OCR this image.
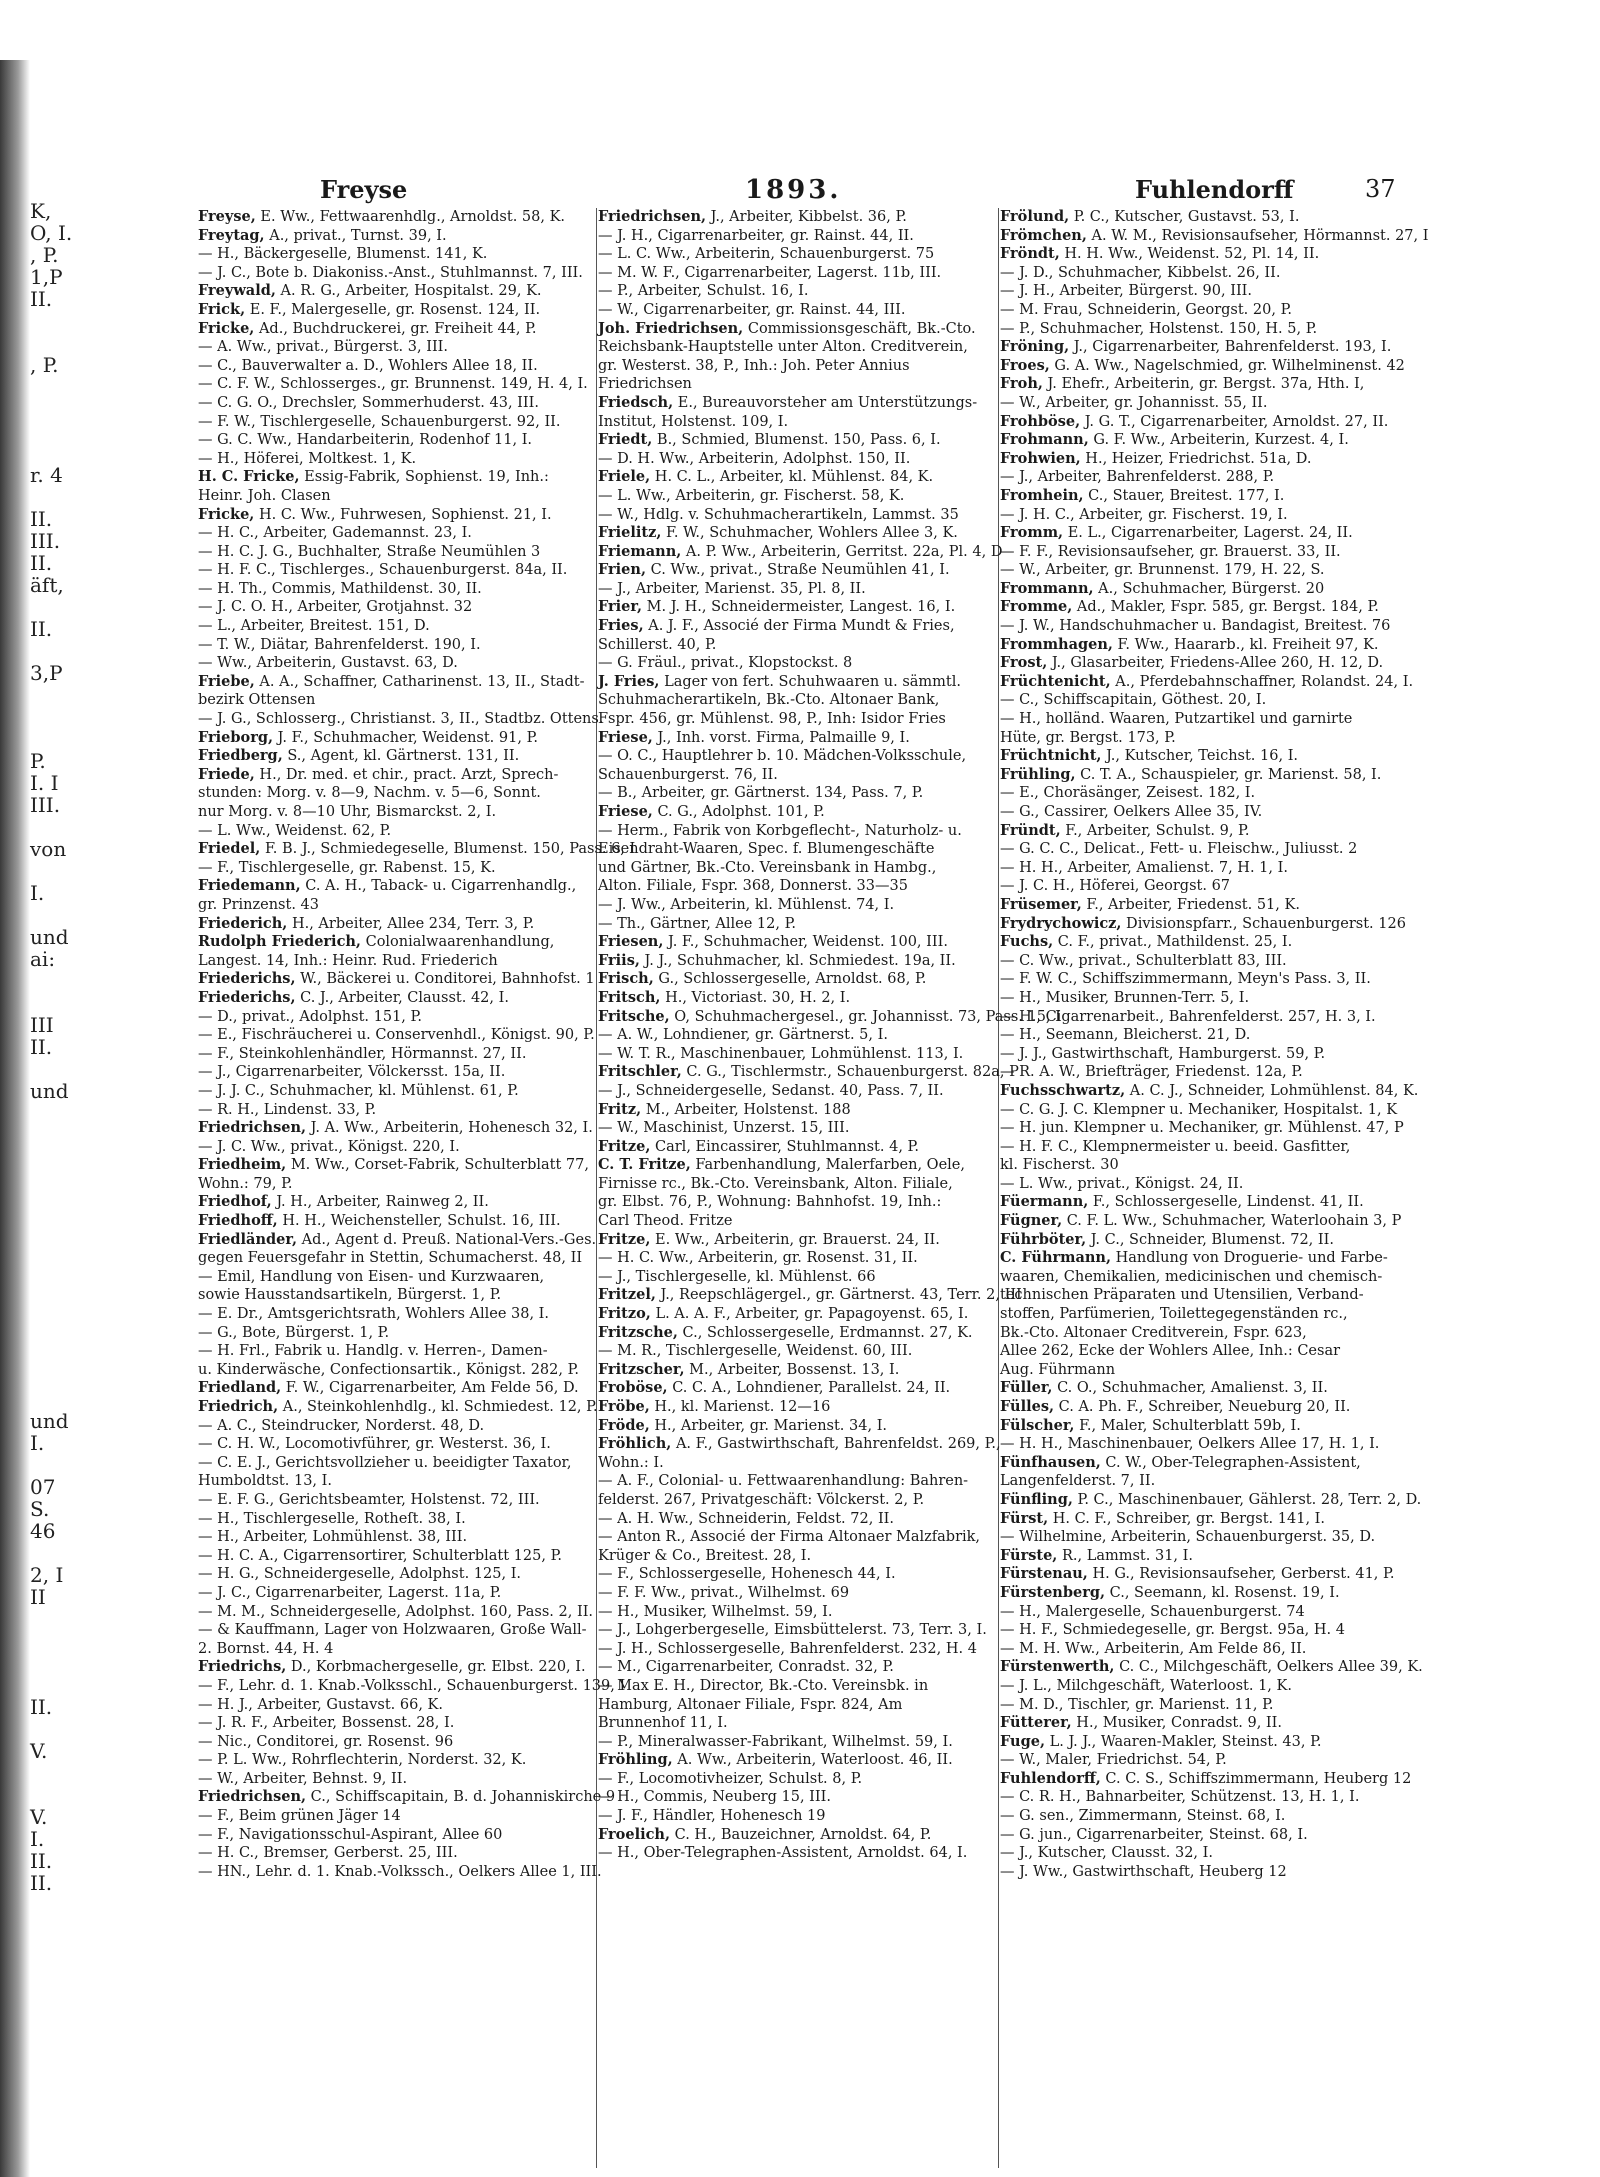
K,
O, I.
, P.
1,P
II.
, P.
r. 4
II.
III.
II.
äft,
II.
3,P
P.
I. I
III.
von
I.
und
ai:
III
II.
und
und
I.
07
S.
46
2, I
II
II.
V.
V.
I.
II.
II.
Freyse	1893.	Fuhlendorff	37
Freyse, E. Ww., Fettwaarenhdlg., Arnoldst. 58, K.
Freytag, A., privat., Turnst. 39, I.
— H., Bäckergeselle, Blumenst. 141, K.
— J. C., Bote b. Diakoniss.-Anst., Stuhlmannst. 7, III.
Freywald, A. R. G., Arbeiter, Hospitalst. 29, K.
Frick, E. F., Malergeselle, gr. Rosenst. 124, II.
Fricke, Ad., Buchdruckerei, gr. Freiheit 44, P.
— A. Ww., privat., Bürgerst. 3, III.
— C., Bauverwalter a. D., Wohlers Allee 18, II.
— C. F. W., Schlosserges., gr. Brunnenst. 149, H. 4, I.
— C. G. O., Drechsler, Sommerhuderst. 43, III.
— F. W., Tischlergeselle, Schauenburgerst. 92, II.
— G. C. Ww., Handarbeiterin, Rodenhof 11, I.
— H., Höferei, Moltkest. 1, K.
H. C. Fricke, Essig-Fabrik, Sophienst. 19, Inh.:
Heinr. Joh. Clasen
Fricke, H. C. Ww., Fuhrwesen, Sophienst. 21, I.
— H. C., Arbeiter, Gademannst. 23, I.
— H. C. J. G., Buchhalter, Straße Neumühlen 3
— H. F. C., Tischlerges., Schauenburgerst. 84a, II.
— H. Th., Commis, Mathildenst. 30, II.
— J. C. O. H., Arbeiter, Grotjahnst. 32
— L., Arbeiter, Breitest. 151, D.
— T. W., Diätar, Bahrenfelderst. 190, I.
— Ww., Arbeiterin, Gustavst. 63, D.
Friebe, A. A., Schaffner, Catharinenst. 13, II., Stadt-
bezirk Ottensen
— J. G., Schlosserg., Christianst. 3, II., Stadtbz. Ottens.
Frieborg, J. F., Schuhmacher, Weidenst. 91, P.
Friedberg, S., Agent, kl. Gärtnerst. 131, II.
Friede, H., Dr. med. et chir., pract. Arzt, Sprech-
stunden: Morg. v. 8—9, Nachm. v. 5—6, Sonnt.
nur Morg. v. 8—10 Uhr, Bismarckst. 2, I.
— L. Ww., Weidenst. 62, P.
Friedel, F. B. J., Schmiedegeselle, Blumenst. 150, Pass. 6, I
— F., Tischlergeselle, gr. Rabenst. 15, K.
Friedemann, C. A. H., Taback- u. Cigarrenhandlg.,
gr. Prinzenst. 43
Friederich, H., Arbeiter, Allee 234, Terr. 3, P.
Rudolph Friederich, Colonialwaarenhandlung,
Langest. 14, Inh.: Heinr. Rud. Friederich
Friederichs, W., Bäckerei u. Conditorei, Bahnhofst. 1
Friederichs, C. J., Arbeiter, Clausst. 42, I.
— D., privat., Adolphst. 151, P.
— E., Fischräucherei u. Conservenhdl., Königst. 90, P.
— F., Steinkohlenhändler, Hörmannst. 27, II.
— J., Cigarrenarbeiter, Völckersst. 15a, II.
— J. J. C., Schuhmacher, kl. Mühlenst. 61, P.
— R. H., Lindenst. 33, P.
Friedrichsen, J. A. Ww., Arbeiterin, Hohenesch 32, I.
— J. C. Ww., privat., Königst. 220, I.
Friedheim, M. Ww., Corset-Fabrik, Schulterblatt 77,
Wohn.: 79, P.
Friedhof, J. H., Arbeiter, Rainweg 2, II.
Friedhoff, H. H., Weichensteller, Schulst. 16, III.
Friedländer, Ad., Agent d. Preuß. National-Vers.-Ges.
gegen Feuersgefahr in Stettin, Schumacherst. 48, II
— Emil, Handlung von Eisen- und Kurzwaaren,
sowie Hausstandsartikeln, Bürgerst. 1, P.
— E. Dr., Amtsgerichtsrath, Wohlers Allee 38, I.
— G., Bote, Bürgerst. 1, P.
— H. Frl., Fabrik u. Handlg. v. Herren-, Damen-
u. Kinderwäsche, Confectionsartik., Königst. 282, P.
Friedland, F. W., Cigarrenarbeiter, Am Felde 56, D.
Friedrich, A., Steinkohlenhdlg., kl. Schmiedest. 12, P.
— A. C., Steindrucker, Norderst. 48, D.
— C. H. W., Locomotivführer, gr. Westerst. 36, I.
— C. E. J., Gerichtsvollzieher u. beeidigter Taxator,
Humboldtst. 13, I.
— E. F. G., Gerichtsbeamter, Holstenst. 72, III.
— H., Tischlergeselle, Rotheſt. 38, I.
— H., Arbeiter, Lohmühlenst. 38, III.
— H. C. A., Cigarrensortirer, Schulterblatt 125, P.
— H. G., Schneidergeselle, Adolphst. 125, I.
— J. C., Cigarrenarbeiter, Lagerst. 11a, P.
— M. M., Schneidergeselle, Adolphst. 160, Pass. 2, II.
— & Kauffmann, Lager von Holzwaaren, Große Wall-
2. Bornst. 44, H. 4
Friedrichs, D., Korbmachergeselle, gr. Elbst. 220, I.
— F., Lehr. d. 1. Knab.-Volksschl., Schauenburgerst. 139, I
— H. J., Arbeiter, Gustavst. 66, K.
— J. R. F., Arbeiter, Bossenst. 28, I.
— Nic., Conditorei, gr. Rosenst. 96
— P. L. Ww., Rohrflechterin, Norderst. 32, K.
— W., Arbeiter, Behnst. 9, II.
Friedrichsen, C., Schiffscapitain, B. d. Johanniskirche 9
— F., Beim grünen Jäger 14
— F., Navigationsschul-Aspirant, Allee 60
— H. C., Bremser, Gerberst. 25, III.
— HN., Lehr. d. 1. Knab.-Volkssch., Oelkers Allee 1, III.
Friedrichsen, J., Arbeiter, Kibbelst. 36, P.
— J. H., Cigarrenarbeiter, gr. Rainst. 44, II.
— L. C. Ww., Arbeiterin, Schauenburgerst. 75
— M. W. F., Cigarrenarbeiter, Lagerst. 11b, III.
— P., Arbeiter, Schulst. 16, I.
— W., Cigarrenarbeiter, gr. Rainst. 44, III.
Joh. Friedrichsen, Commissionsgeschäft, Bk.-Cto.
Reichsbank-Hauptstelle unter Alton. Creditverein,
gr. Westerst. 38, P., Inh.: Joh. Peter Annius
Friedrichsen
Friedsch, E., Bureauvorsteher am Unterstützungs-
Institut, Holstenst. 109, I.
Friedt, B., Schmied, Blumenst. 150, Pass. 6, I.
— D. H. Ww., Arbeiterin, Adolphst. 150, II.
Friele, H. C. L., Arbeiter, kl. Mühlenst. 84, K.
— L. Ww., Arbeiterin, gr. Fischerst. 58, K.
— W., Hdlg. v. Schuhmacherartikeln, Lammst. 35
Frielitz, F. W., Schuhmacher, Wohlers Allee 3, K.
Friemann, A. P. Ww., Arbeiterin, Gerritst. 22a, Pl. 4, D
Frien, C. Ww., privat., Straße Neumühlen 41, I.
— J., Arbeiter, Marienst. 35, Pl. 8, II.
Frier, M. J. H., Schneidermeister, Langest. 16, I.
Fries, A. J. F., Associé der Firma Mundt & Fries,
Schillerst. 40, P.
— G. Fräul., privat., Klopstockst. 8
J. Fries, Lager von fert. Schuhwaaren u. sämmtl.
Schuhmacherartikeln, Bk.-Cto. Altonaer Bank,
Fspr. 456, gr. Mühlenst. 98, P., Inh: Isidor Fries
Friese, J., Inh. vorst. Firma, Palmaille 9, I.
— O. C., Hauptlehrer b. 10. Mädchen-Volksschule,
Schauenburgerst. 76, II.
— B., Arbeiter, gr. Gärtnerst. 134, Pass. 7, P.
Friese, C. G., Adolphst. 101, P.
— Herm., Fabrik von Korbgeflecht-, Naturholz- u.
Eisendraht-Waaren, Spec. f. Blumengeschäfte
und Gärtner, Bk.-Cto. Vereinsbank in Hambg.,
Alton. Filiale, Fspr. 368, Donnerst. 33—35
— J. Ww., Arbeiterin, kl. Mühlenst. 74, I.
— Th., Gärtner, Allee 12, P.
Friesen, J. F., Schuhmacher, Weidenst. 100, III.
Friis, J. J., Schuhmacher, kl. Schmiedest. 19a, II.
Frisch, G., Schlossergeselle, Arnoldst. 68, P.
Fritsch, H., Victoriast. 30, H. 2, I.
Fritsche, O, Schuhmachergesel., gr. Johannisst. 73, Pass. 15, I
— A. W., Lohndiener, gr. Gärtnerst. 5, I.
— W. T. R., Maschinenbauer, Lohmühlenst. 113, I.
Fritschler, C. G., Tischlermstr., Schauenburgerst. 82a, P
— J., Schneidergeselle, Sedanst. 40, Pass. 7, II.
Fritz, M., Arbeiter, Holstenst. 188
— W., Maschinist, Unzerst. 15, III.
Fritze, Carl, Eincassirer, Stuhlmannst. 4, P.
C. T. Fritze, Farbenhandlung, Malerfarben, Oele,
Firnisse rc., Bk.-Cto. Vereinsbank, Alton. Filiale,
gr. Elbst. 76, P., Wohnung: Bahnhofst. 19, Inh.:
Carl Theod. Fritze
Fritze, E. Ww., Arbeiterin, gr. Brauerst. 24, II.
— H. C. Ww., Arbeiterin, gr. Rosenst. 31, II.
— J., Tischlergeselle, kl. Mühlenst. 66
Fritzel, J., Reepschlägergel., gr. Gärtnerst. 43, Terr. 2, III
Fritzo, L. A. A. F., Arbeiter, gr. Papagoyenst. 65, I.
Fritzsche, C., Schlossergeselle, Erdmannst. 27, K.
— M. R., Tischlergeselle, Weidenst. 60, III.
Fritzscher, M., Arbeiter, Bossenst. 13, I.
Froböse, C. C. A., Lohndiener, Parallelst. 24, II.
Fröbe, H., kl. Marienst. 12—16
Fröde, H., Arbeiter, gr. Marienst. 34, I.
Fröhlich, A. F., Gastwirthschaft, Bahrenfeldst. 269, P.,
Wohn.: I.
— A. F., Colonial- u. Fettwaarenhandlung: Bahren-
felderst. 267, Privatgeschäft: Völckerst. 2, P.
— A. H. Ww., Schneiderin, Feldst. 72, II.
— Anton R., Associé der Firma Altonaer Malzfabrik,
Krüger & Co., Breitest. 28, I.
— F., Schlossergeselle, Hohenesch 44, I.
— F. F. Ww., privat., Wilhelmst. 69
— H., Musiker, Wilhelmst. 59, I.
— J., Lohgerbergeselle, Eimsbüttelerst. 73, Terr. 3, I.
— J. H., Schlossergeselle, Bahrenfelderst. 232, H. 4
— M., Cigarrenarbeiter, Conradst. 32, P.
— Max E. H., Director, Bk.-Cto. Vereinsbk. in
Hamburg, Altonaer Filiale, Fspr. 824, Am
Brunnenhof 11, I.
— P., Mineralwasser-Fabrikant, Wilhelmst. 59, I.
Fröhling, A. Ww., Arbeiterin, Waterloost. 46, II.
— F., Locomotivheizer, Schulst. 8, P.
— H., Commis, Neuberg 15, III.
— J. F., Händler, Hohenesch 19
Froelich, C. H., Bauzeichner, Arnoldst. 64, P.
— H., Ober-Telegraphen-Assistent, Arnoldst. 64, I.
Frölund, P. C., Kutscher, Gustavst. 53, I.
Frömchen, A. W. M., Revisionsaufseher, Hörmannst. 27, I
Fröndt, H. H. Ww., Weidenst. 52, Pl. 14, II.
— J. D., Schuhmacher, Kibbelst. 26, II.
— J. H., Arbeiter, Bürgerst. 90, III.
— M. Frau, Schneiderin, Georgst. 20, P.
— P., Schuhmacher, Holstenst. 150, H. 5, P.
Fröning, J., Cigarrenarbeiter, Bahrenfelderst. 193, I.
Froes, G. A. Ww., Nagelschmied, gr. Wilhelminenst. 42
Froh, J. Ehefr., Arbeiterin, gr. Bergst. 37a, Hth. I,
— W., Arbeiter, gr. Johannisst. 55, II.
Frohböse, J. G. T., Cigarrenarbeiter, Arnoldst. 27, II.
Frohmann, G. F. Ww., Arbeiterin, Kurzest. 4, I.
Frohwien, H., Heizer, Friedrichst. 51a, D.
— J., Arbeiter, Bahrenfelderst. 288, P.
Fromhein, C., Stauer, Breitest. 177, I.
— J. H. C., Arbeiter, gr. Fischerst. 19, I.
Fromm, E. L., Cigarrenarbeiter, Lagerst. 24, II.
— F. F., Revisionsaufseher, gr. Brauerst. 33, II.
— W., Arbeiter, gr. Brunnenst. 179, H. 22, S.
Frommann, A., Schuhmacher, Bürgerst. 20
Fromme, Ad., Makler, Fspr. 585, gr. Bergst. 184, P.
— J. W., Handschuhmacher u. Bandagist, Breitest. 76
Frommhagen, F. Ww., Haararb., kl. Freiheit 97, K.
Frost, J., Glasarbeiter, Friedens-Allee 260, H. 12, D.
Früchtenicht, A., Pferdebahnschaffner, Rolandst. 24, I.
— C., Schiffscapitain, Göthest. 20, I.
— H., holländ. Waaren, Putzartikel und garnirte
Hüte, gr. Bergst. 173, P.
Früchtnicht, J., Kutscher, Teichst. 16, I.
Frühling, C. T. A., Schauspieler, gr. Marienst. 58, I.
— E., Choräsänger, Zeisest. 182, I.
— G., Cassirer, Oelkers Allee 35, IV.
Fründt, F., Arbeiter, Schulst. 9, P.
— G. C. C., Delicat., Fett- u. Fleischw., Juliusst. 2
— H. H., Arbeiter, Amalienst. 7, H. 1, I.
— J. C. H., Höferei, Georgst. 67
Früsemer, F., Arbeiter, Friedenst. 51, K.
Frydrychowicz, Divisionspfarr., Schauenburgerst. 126
Fuchs, C. F., privat., Mathildenst. 25, I.
— C. Ww., privat., Schulterblatt 83, III.
— F. W. C., Schiffszimmermann, Meyn's Pass. 3, II.
— H., Musiker, Brunnen-Terr. 5, I.
— H., Cigarrenarbeit., Bahrenfelderst. 257, H. 3, I.
— H., Seemann, Bleicherst. 21, D.
— J. J., Gastwirthschaft, Hamburgerst. 59, P.
— R. A. W., Briefträger, Friedenst. 12a, P.
Fuchsschwartz, A. C. J., Schneider, Lohmühlenst. 84, K.
— C. G. J. C. Klempner u. Mechaniker, Hospitalst. 1, K
— H. jun. Klempner u. Mechaniker, gr. Mühlenst. 47, P
— H. F. C., Klempnermeister u. beeid. Gasfitter,
kl. Fischerst. 30
— L. Ww., privat., Königst. 24, II.
Füermann, F., Schlossergeselle, Lindenst. 41, II.
Fügner, C. F. L. Ww., Schuhmacher, Waterloohain 3, P
Führböter, J. C., Schneider, Blumenst. 72, II.
C. Führmann, Handlung von Droguerie- und Farbe-
waaren, Chemikalien, medicinischen und chemisch-
technischen Präparaten und Utensilien, Verband-
stoffen, Parfümerien, Toilettegegenständen rc.,
Bk.-Cto. Altonaer Creditverein, Fspr. 623,
Allee 262, Ecke der Wohlers Allee, Inh.: Cesar
Aug. Führmann
Füller, C. O., Schuhmacher, Amalienst. 3, II.
Fülles, C. A. Ph. F., Schreiber, Neueburg 20, II.
Fülscher, F., Maler, Schulterblatt 59b, I.
— H. H., Maschinenbauer, Oelkers Allee 17, H. 1, I.
Fünfhausen, C. W., Ober-Telegraphen-Assistent,
Langenfelderst. 7, II.
Fünfling, P. C., Maschinenbauer, Gählerst. 28, Terr. 2, D.
Fürst, H. C. F., Schreiber, gr. Bergst. 141, I.
— Wilhelmine, Arbeiterin, Schauenburgerst. 35, D.
Fürste, R., Lammst. 31, I.
Fürstenau, H. G., Revisionsaufseher, Gerberst. 41, P.
Fürstenberg, C., Seemann, kl. Rosenst. 19, I.
— H., Malergeselle, Schauenburgerst. 74
— H. F., Schmiedegeselle, gr. Bergst. 95a, H. 4
— M. H. Ww., Arbeiterin, Am Felde 86, II.
Fürstenwerth, C. C., Milchgeschäft, Oelkers Allee 39, K.
— J. L., Milchgeschäft, Waterloost. 1, K.
— M. D., Tischler, gr. Marienst. 11, P.
Fütterer, H., Musiker, Conradst. 9, II.
Fuge, L. J. J., Waaren-Makler, Steinst. 43, P.
— W., Maler, Friedrichst. 54, P.
Fuhlendorff, C. C. S., Schiffszimmermann, Heuberg 12
— C. R. H., Bahnarbeiter, Schützenst. 13, H. 1, I.
— G. sen., Zimmermann, Steinst. 68, I.
— G. jun., Cigarrenarbeiter, Steinst. 68, I.
— J., Kutscher, Clausst. 32, I.
— J. Ww., Gastwirthschaft, Heuberg 12
